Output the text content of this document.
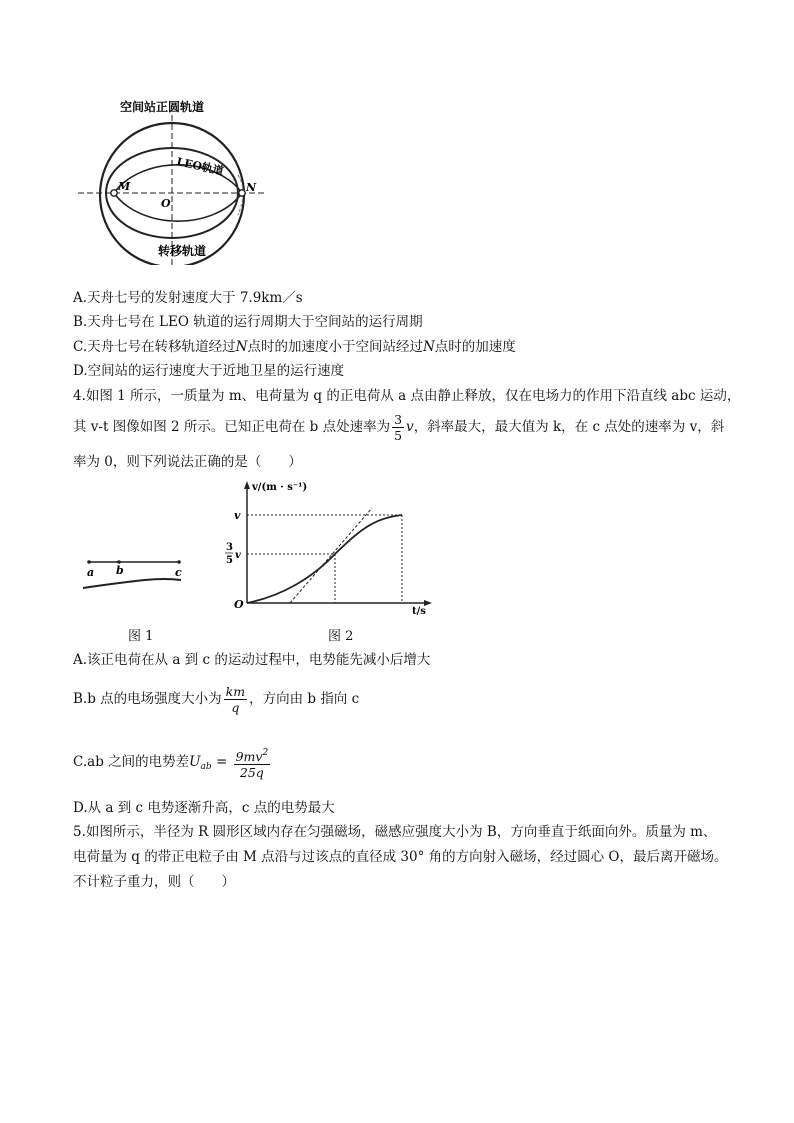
空间站正圆轨道
LEO轨道
转移轨道
M	N
O
A.天舟七号的发射速度大于 7.9km／s
B.天舟七号在 LEO 轨道的运行周期大于空间站的运行周期
C.天舟七号在转移轨道经过N点时的加速度小于空间站经过N点时的加速度
D.空间站的运行速度大于近地卫星的运行速度
4.如图 1 所示，一质量为 m、电荷量为 q 的正电荷从 a 点由静止释放，仅在电场力的作用下沿直线 abc 运动，
其 v-t 图像如图 2 所示。已知正电荷在 b 点处速率为 $\frac{3}{5}$ v，斜率最大，最大值为 k，在 c 点处的速率为 v，斜
率为 0，则下列说法正确的是（　　）
a b	c
图 1
v/(m · s⁻¹)
t/s
v
3
5 v
O
图 2
A.该正电荷在从 a 到 c 的运动过程中，电势能先减小后增大
B.b 点的电场强度大小为 $\frac{km}{q}$ ，方向由 b 指向 c
C.ab 之间的电势差$U_{ab} = \frac{9mv^2}{25q}$
D.从 a 到 c 电势逐渐升高，c 点的电势最大
5.如图所示，半径为 R 圆形区域内存在匀强磁场，磁感应强度大小为 B，方向垂直于纸面向外。质量为 m、
电荷量为 q 的带正电粒子由 M 点沿与过该点的直径成 30° 角的方向射入磁场，经过圆心 O，最后离开磁场。
不计粒子重力，则（　　）
